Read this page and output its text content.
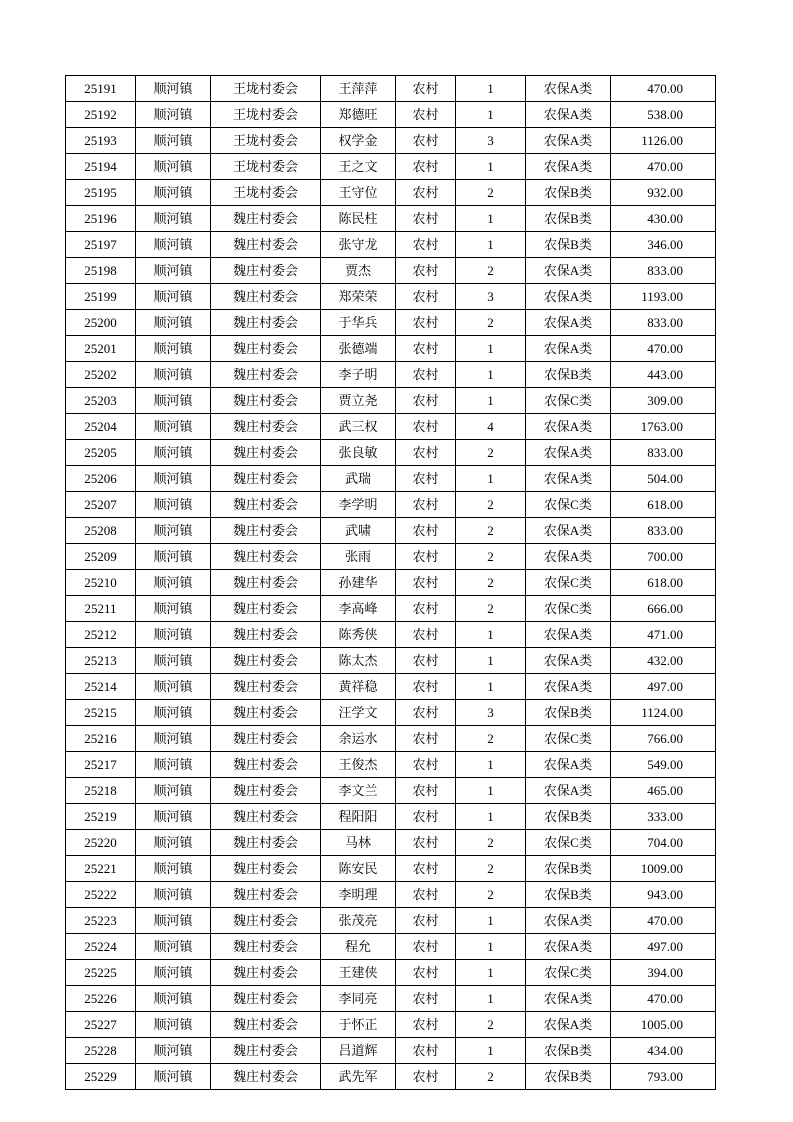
25191	顺河镇	王垅村委会	王萍萍	农村	1	农保A类	470.00
25192	顺河镇	王垅村委会	郑德旺	农村	1	农保A类	538.00
25193	顺河镇	王垅村委会	权学金	农村	3	农保A类	1126.00
25194	顺河镇	王垅村委会	王之文	农村	1	农保A类	470.00
25195	顺河镇	王垅村委会	王守位	农村	2	农保B类	932.00
25196	顺河镇	魏庄村委会	陈民柱	农村	1	农保B类	430.00
25197	顺河镇	魏庄村委会	张守龙	农村	1	农保B类	346.00
25198	顺河镇	魏庄村委会	贾杰	农村	2	农保A类	833.00
25199	顺河镇	魏庄村委会	郑荣荣	农村	3	农保A类	1193.00
25200	顺河镇	魏庄村委会	于华兵	农村	2	农保A类	833.00
25201	顺河镇	魏庄村委会	张德端	农村	1	农保A类	470.00
25202	顺河镇	魏庄村委会	李子明	农村	1	农保B类	443.00
25203	顺河镇	魏庄村委会	贾立尧	农村	1	农保C类	309.00
25204	顺河镇	魏庄村委会	武三权	农村	4	农保A类	1763.00
25205	顺河镇	魏庄村委会	张良敏	农村	2	农保A类	833.00
25206	顺河镇	魏庄村委会	武瑞	农村	1	农保A类	504.00
25207	顺河镇	魏庄村委会	李学明	农村	2	农保C类	618.00
25208	顺河镇	魏庄村委会	武啸	农村	2	农保A类	833.00
25209	顺河镇	魏庄村委会	张雨	农村	2	农保A类	700.00
25210	顺河镇	魏庄村委会	孙建华	农村	2	农保C类	618.00
25211	顺河镇	魏庄村委会	李高峰	农村	2	农保C类	666.00
25212	顺河镇	魏庄村委会	陈秀侠	农村	1	农保A类	471.00
25213	顺河镇	魏庄村委会	陈太杰	农村	1	农保A类	432.00
25214	顺河镇	魏庄村委会	黄祥稳	农村	1	农保A类	497.00
25215	顺河镇	魏庄村委会	汪学文	农村	3	农保B类	1124.00
25216	顺河镇	魏庄村委会	余运水	农村	2	农保C类	766.00
25217	顺河镇	魏庄村委会	王俊杰	农村	1	农保A类	549.00
25218	顺河镇	魏庄村委会	李文兰	农村	1	农保A类	465.00
25219	顺河镇	魏庄村委会	程阳阳	农村	1	农保B类	333.00
25220	顺河镇	魏庄村委会	马林	农村	2	农保C类	704.00
25221	顺河镇	魏庄村委会	陈安民	农村	2	农保B类	1009.00
25222	顺河镇	魏庄村委会	李明理	农村	2	农保B类	943.00
25223	顺河镇	魏庄村委会	张茂亮	农村	1	农保A类	470.00
25224	顺河镇	魏庄村委会	程允	农村	1	农保A类	497.00
25225	顺河镇	魏庄村委会	王建侠	农村	1	农保C类	394.00
25226	顺河镇	魏庄村委会	李同亮	农村	1	农保A类	470.00
25227	顺河镇	魏庄村委会	于怀正	农村	2	农保A类	1005.00
25228	顺河镇	魏庄村委会	吕道辉	农村	1	农保B类	434.00
25229	顺河镇	魏庄村委会	武先军	农村	2	农保B类	793.00
